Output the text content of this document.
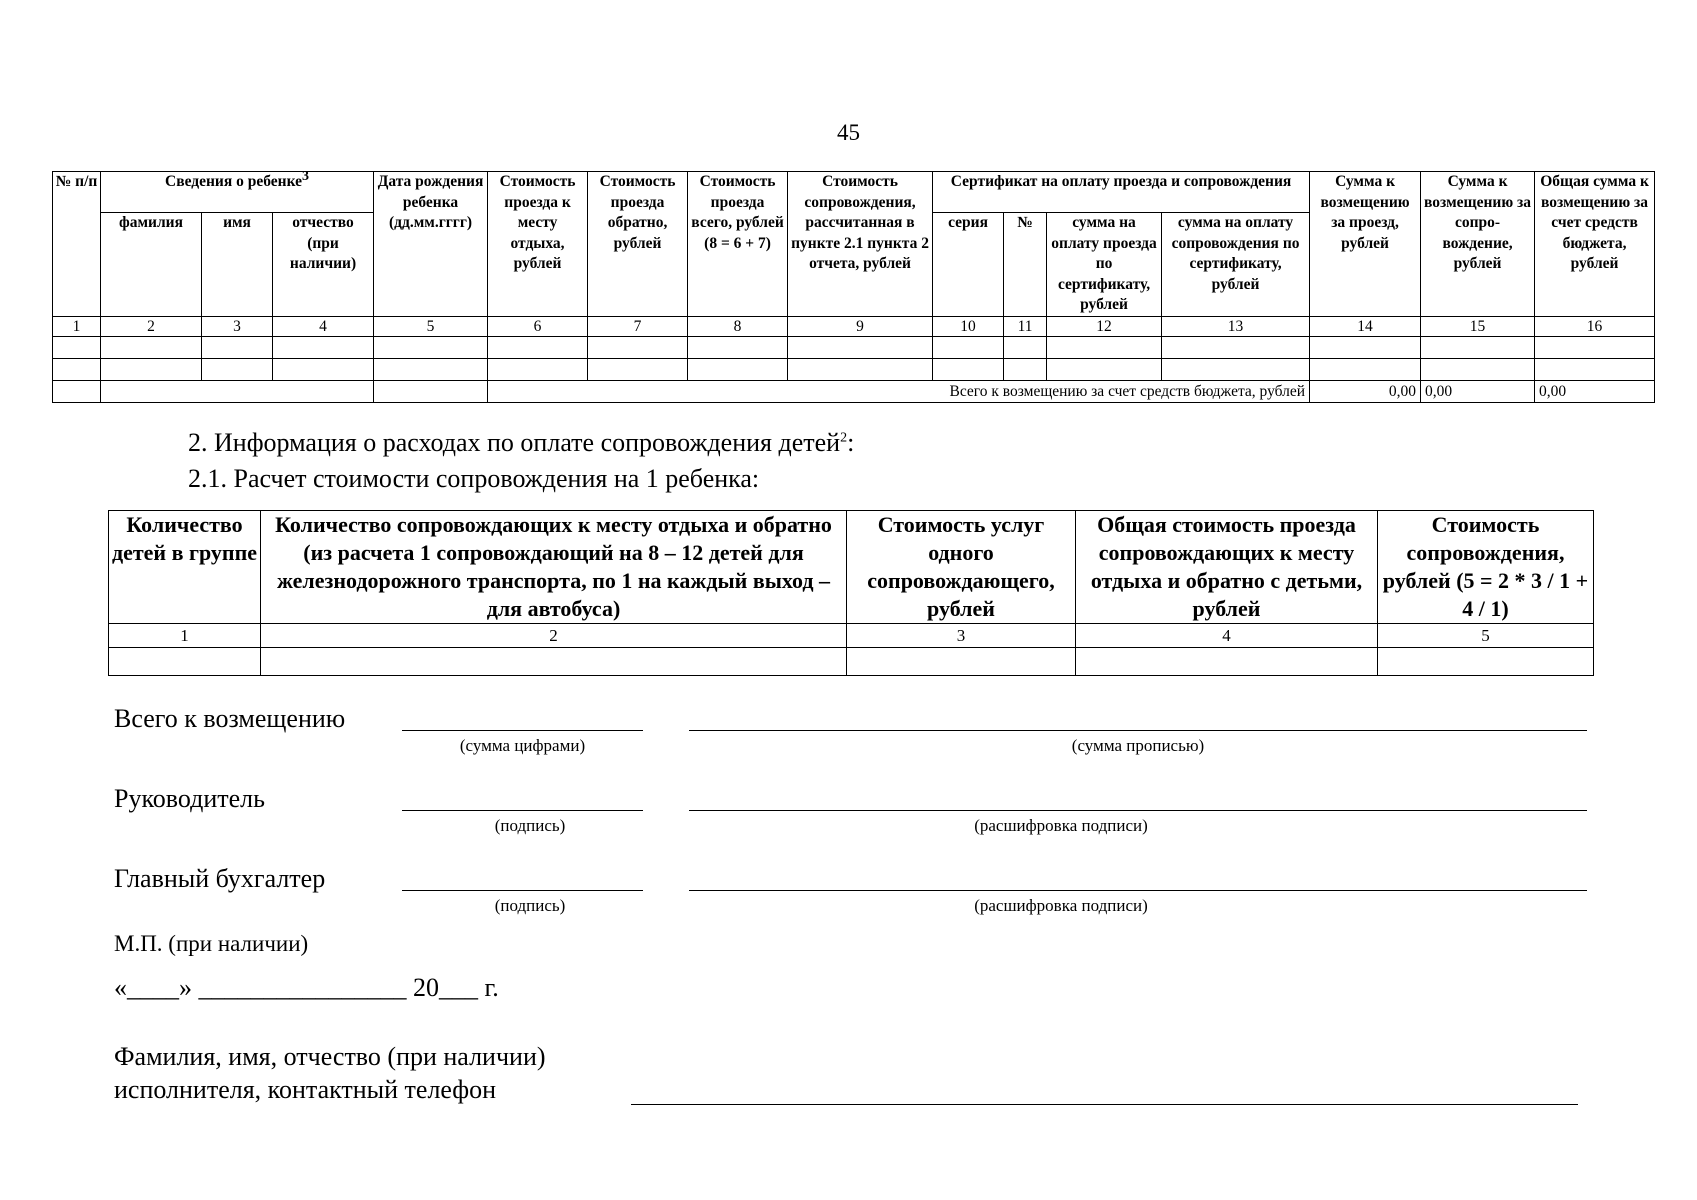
45
№ п/п	Сведения о ребенке$^3$			Дата рождения ребенка (дд.мм.гггг)	Стоимость проезда к месту отдыха, рублей	Стоимость проезда обратно, рублей	Стоимость проезда всего, рублей (8 = 6 + 7)	Стоимость сопровождения, рассчитанная в пункте 2.1 пункта 2 отчета, рублей	Сертификат на оплату проезда и сопровождения				Сумма к возмещению за проезд, рублей	Сумма к возмещению за сопро-вождение, рублей	Общая сумма к возмещению за счет средств бюджета, рублей
	фамилия	имя	отчество (при наличии)						серия	№	сумма на оплату проезда по сертификату, рублей	сумма на оплату сопровождения по сертификату, рублей			
1	2	3	4	5	6	7	8	9	10	11	12	13	14	15	16

					Всего к возмещению за счет средств бюджета, рублей								0,00	0,00	0,00
2. Информация о расходах по оплате сопровождения детей$^2$:
2.1. Расчет стоимости сопровождения на 1 ребенка:
Количество детей в группе	Количество сопровождающих к месту отдыха и обратно (из расчета 1 сопровождающий на 8 – 12 детей для железнодорожного транспорта, по 1 на каждый выход – для автобуса)	Стоимость услуг одного сопровождающего, рублей	Общая стоимость проезда сопровождающих к месту отдыха и обратно с детьми, рублей	Стоимость сопровождения, рублей (5 = 2 * 3 / 1 + 4 / 1)
1	2	3	4	5

Всего к возмещению
(сумма цифрами)	(сумма прописью)
Руководитель
(подпись)	(расшифровка подписи)
Главный бухгалтер
(подпись)	(расшифровка подписи)
М.П. (при наличии)
«____» ________________ 20___ г.
Фамилия, имя, отчество (при наличии)
исполнителя, контактный телефон
